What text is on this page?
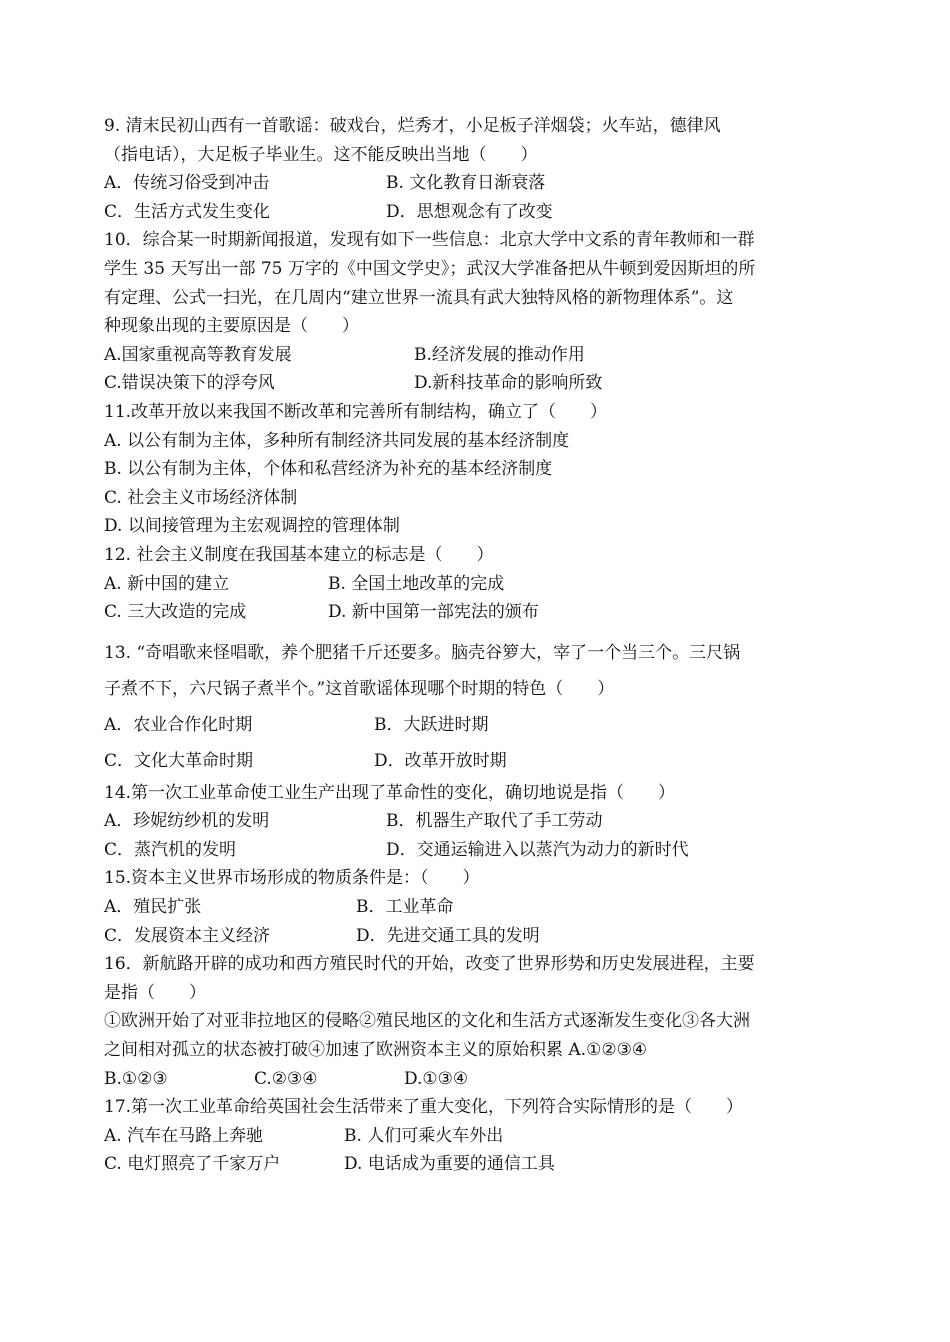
9. 清末民初山西有一首歌谣：破戏台，烂秀才，小足板子洋烟袋；火车站，德律风
（指电话），大足板子毕业生。这不能反映出当地（　　）
A．传统习俗受到冲击	B. 文化教育日渐衰落
C．生活方式发生变化	D．思想观念有了改变
10．综合某一时期新闻报道，发现有如下一些信息：北京大学中文系的青年教师和一群
学生 35 天写出一部 75 万字的《中国文学史》；武汉大学准备把从牛顿到爱因斯坦的所
有定理、公式一扫光，在几周内“建立世界一流具有武大独特风格的新物理体系”。这
种现象出现的主要原因是（　　）
A.国家重视高等教育发展	B.经济发展的推动作用
C.错误决策下的浮夸风	D.新科技革命的影响所致
11.改革开放以来我国不断改革和完善所有制结构，确立了（　　）
A. 以公有制为主体，多种所有制经济共同发展的基本经济制度
B. 以公有制为主体，个体和私营经济为补充的基本经济制度
C. 社会主义市场经济体制
D. 以间接管理为主宏观调控的管理体制
12. 社会主义制度在我国基本建立的标志是（　　）
A. 新中国的建立	B. 全国土地改革的完成
C. 三大改造的完成	D. 新中国第一部宪法的颁布
13. “奇唱歌来怪唱歌，养个肥猪千斤还要多。脑壳谷箩大，宰了一个当三个。三尺锅
子煮不下，六尺锅子煮半个。”这首歌谣体现哪个时期的特色（　　）
A．农业合作化时期	B．大跃进时期
C．文化大革命时期	D．改革开放时期
14.第一次工业革命使工业生产出现了革命性的变化，确切地说是指（　　）
A．珍妮纺纱机的发明	B．机器生产取代了手工劳动
C．蒸汽机的发明	D．交通运输进入以蒸汽为动力的新时代
15.资本主义世界市场形成的物质条件是：（　　）
A．殖民扩张	B．工业革命
C．发展资本主义经济	D．先进交通工具的发明
16．新航路开辟的成功和西方殖民时代的开始，改变了世界形势和历史发展进程，主要
是指（　　）
①欧洲开始了对亚非拉地区的侵略②殖民地区的文化和生活方式逐渐发生变化③各大洲
之间相对孤立的状态被打破④加速了欧洲资本主义的原始积累 A.①②③④
B.①②③	C.②③④	D.①③④
17.第一次工业革命给英国社会生活带来了重大变化，下列符合实际情形的是（　　）
A. 汽车在马路上奔驰	B. 人们可乘火车外出
C. 电灯照亮了千家万户	D. 电话成为重要的通信工具
